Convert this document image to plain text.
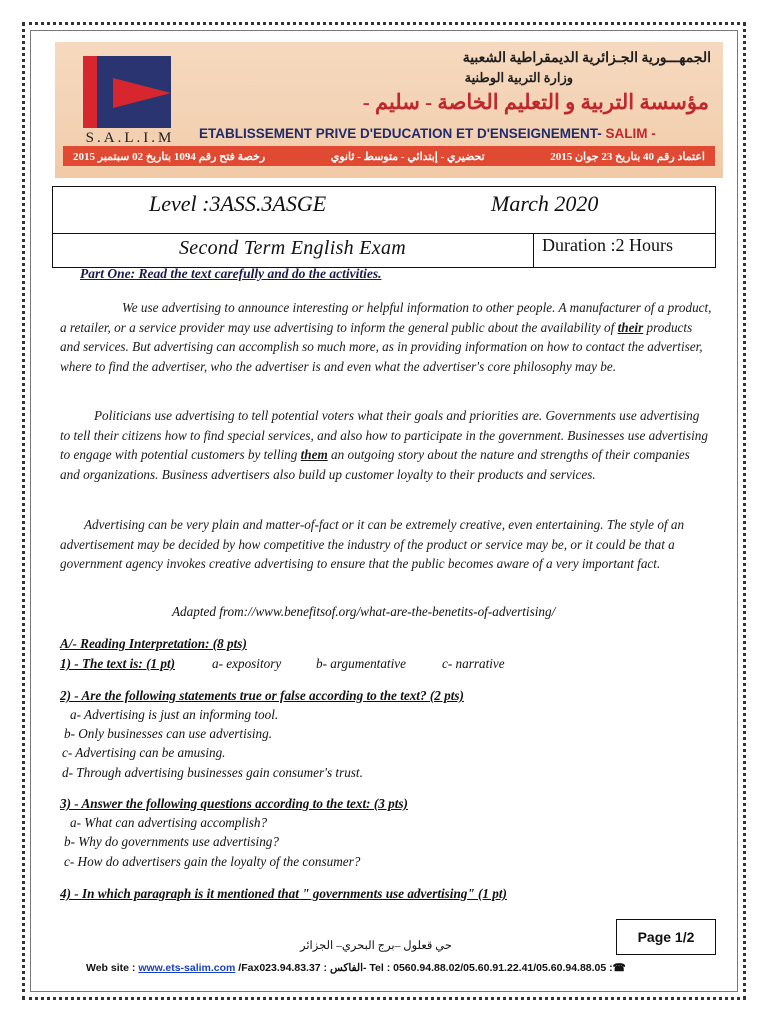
S.A.L.I.M
الجمهـــورية الجـزائرية الديمقراطية الشعبية
وزارة التربية الوطنية
مؤسسة التربية و التعليم الخاصة - سليم -
ETABLISSEMENT PRIVE D'EDUCATION ET D'ENSEIGNEMENT- SALIM -
اعتماد رقم 40 بتاريخ 23 جوان 2015
تحضيري - إبتدائي - متوسط - ثانوي
رخصة فتح رقم 1094 بتاريخ 02 سبتمبر 2015
Level :3ASS.3ASGE	March 2020
Second Term English Exam	Duration :2 Hours
Part One: Read the text carefully and do the activities.
We use advertising to announce interesting or helpful information to other people. A manufacturer of a product, a retailer, or a service provider may use advertising to inform the general public about the availability of their products and services. But advertising can accomplish so much more, as in providing information on how to contact the advertiser, where to find the advertiser, who the advertiser is and even what the advertiser's core philosophy may be.
Politicians use advertising to tell potential voters what their goals and priorities are. Governments use advertising to tell their citizens how to find special services, and also how to participate in the government. Businesses use advertising to engage with potential customers by telling them an outgoing story about the nature and strengths of their companies and organizations. Business advertisers also build up customer loyalty to their products and services.
Advertising can be very plain and matter-of-fact or it can be extremely creative, even entertaining. The style of an advertisement may be decided by how competitive the industry of the product or service may be, or it could be that a government agency invokes creative advertising to ensure that the public becomes aware of a very important fact.
Adapted from://www.benefitsof.org/what-are-the-benetits-of-advertising/
A/- Reading Interpretation: (8 pts)
1) - The text is: (1 pt)	a- expository	b- argumentative	c- narrative
2) - Are the following statements true or false according to the text? (2 pts)
a- Advertising is just an informing tool.
b- Only businesses can use advertising.
c- Advertising can be amusing.
d- Through advertising businesses gain consumer's trust.
3) - Answer the following questions according to the text: (3 pts)
a- What can advertising accomplish?
b- Why do governments use advertising?
c- How do advertisers gain the loyalty of the consumer?
4) - In which paragraph is it mentioned that " governments use advertising" (1 pt)
Page 1/2
حي قعلول –برج البحري– الجزائر
Web site : www.ets-salim.com /Fax023.94.83.37 : الفاكس- Tel : 0560.94.88.02/05.60.91.22.41/05.60.94.88.05 :☎
